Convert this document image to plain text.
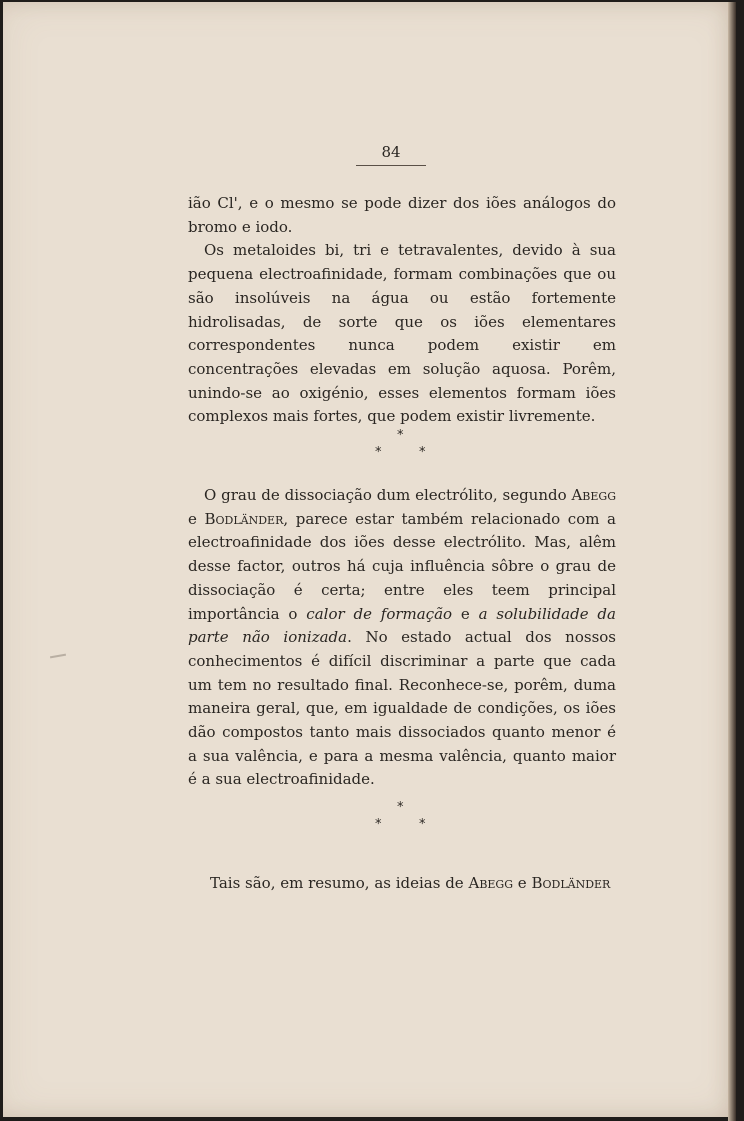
84

ião Cl', e o mesmo se pode dizer dos iões análogos do bromo e iodo.

Os metaloides bi, tri e tetravalentes, devido à sua pequena electroafinidade, formam combinações que ou são insolúveis na água ou estão fortemente hidrolisadas, de sorte que os iões elementares correspondentes nunca podem existir em concentrações elevadas em solução aquosa. Porêm, unindo-se ao oxigénio, esses elementos formam iões complexos mais fortes, que podem existir livremente.

*
*	*

O grau de dissociação dum electrólito, segundo Abegg e Bodländer, parece estar também relacionado com a electroafinidade dos iões desse electrólito. Mas, alêm desse factor, outros há cuja influência sôbre o grau de dissociação é certa; entre eles teem principal importância o calor de formação e a solubilidade da parte não ionizada. No estado actual dos nossos conhecimentos é difícil discriminar a parte que cada um tem no resultado final. Reconhece-se, porêm, duma maneira geral, que, em igualdade de condições, os iões dão compostos tanto mais dissociados quanto menor é a sua valência, e para a mesma valência, quanto maior é a sua electroafinidade.

*
*	*

Tais são, em resumo, as ideias de Abegg e Bodländer
